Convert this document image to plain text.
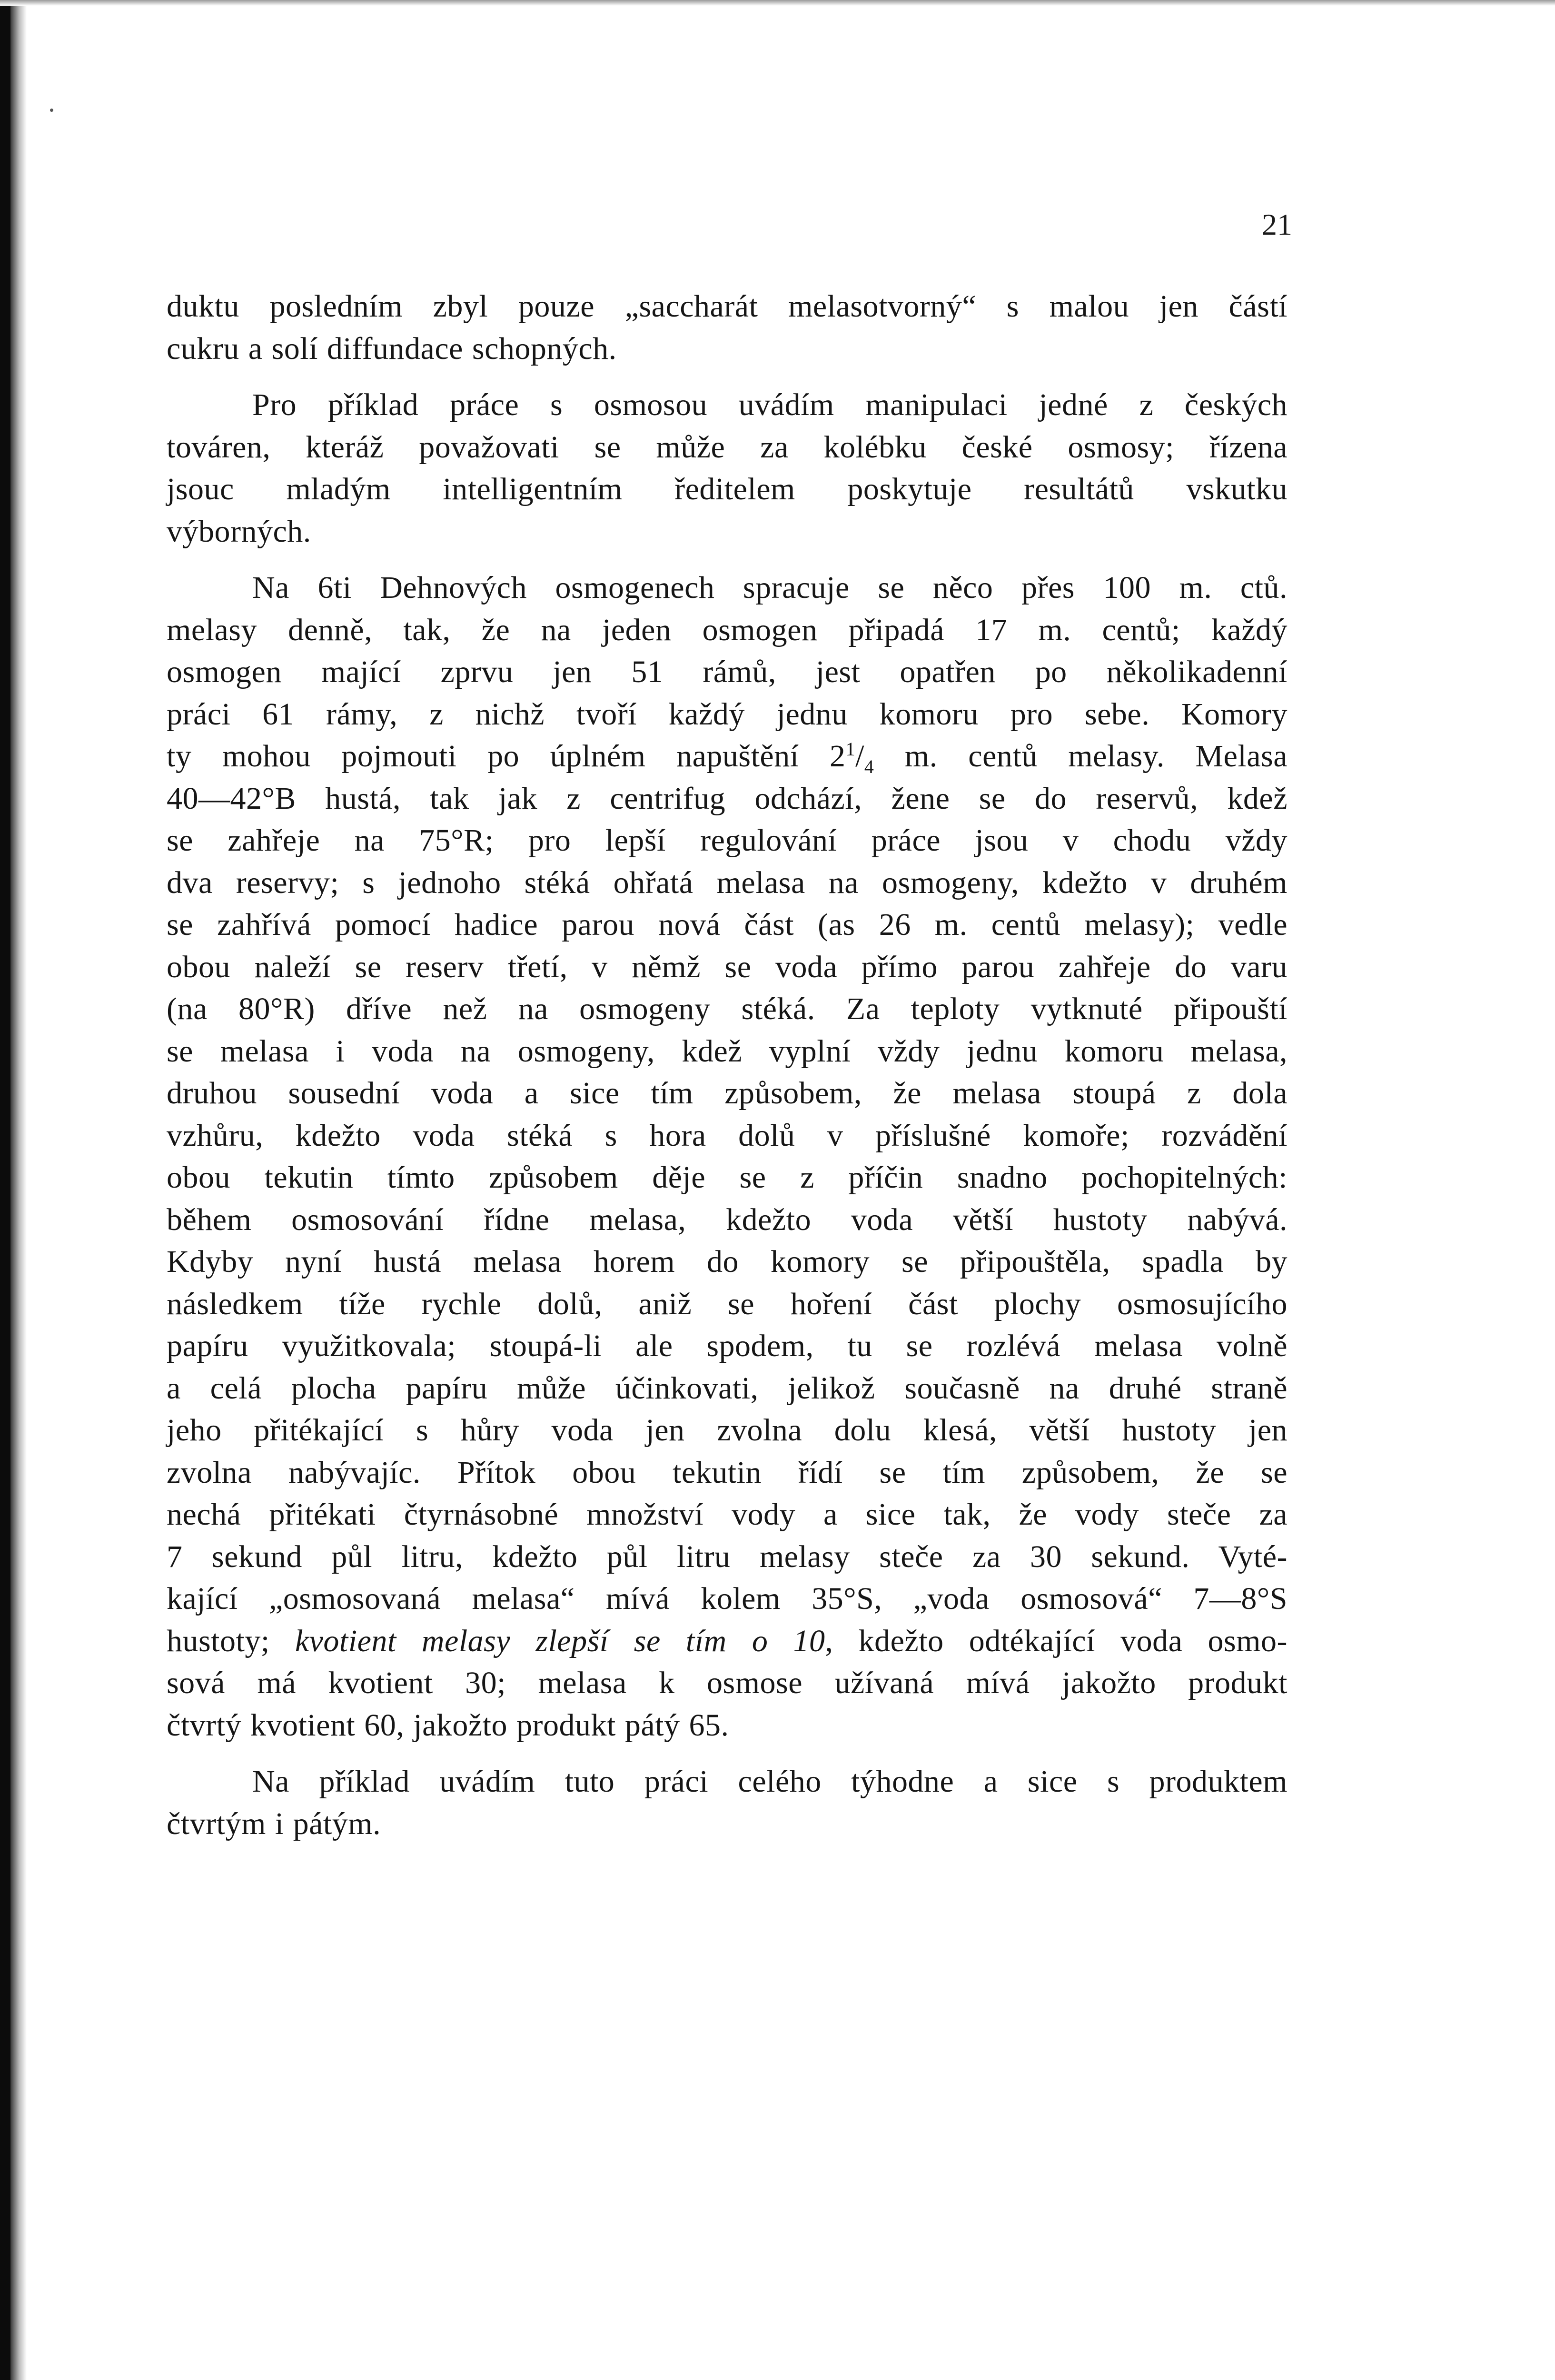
21

duktu posledním zbyl pouze „saccharát melasotvorný“ s malou jen částí
cukru a solí diffundace schopných.

Pro příklad práce s osmosou uvádím manipulaci jedné z českých
továren, kteráž považovati se může za kolébku české osmosy; řízena
jsouc mladým intelligentním ředitelem poskytuje resultátů vskutku
výborných.

Na 6ti Dehnových osmogenech spracuje se něco přes 100 m. ctů.
melasy denně, tak, že na jeden osmogen připadá 17 m. centů; každý
osmogen mající zprvu jen 51 rámů, jest opatřen po několikadenní
práci 61 rámy, z nichž tvoří každý jednu komoru pro sebe. Komory
ty mohou pojmouti po úplném napuštění $2^1/_4$ m. centů melasy. Melasa
40—42°B hustá, tak jak z centrifug odchází, žene se do reservů, kdež
se zahřeje na 75°R; pro lepší regulování práce jsou v chodu vždy
dva reservy; s jednoho stéká ohřatá melasa na osmogeny, kdežto v druhém
se zahřívá pomocí hadice parou nová část (as 26 m. centů melasy); vedle
obou naleží se reserv třetí, v němž se voda přímo parou zahřeje do varu
(na 80°R) dříve než na osmogeny stéká. Za teploty vytknuté připouští
se melasa i voda na osmogeny, kdež vyplní vždy jednu komoru melasa,
druhou sousední voda a sice tím způsobem, že melasa stoupá z dola
vzhůru, kdežto voda stéká s hora dolů v příslušné komoře; rozvádění
obou tekutin tímto způsobem děje se z příčin snadno pochopitelných:
během osmosování řídne melasa, kdežto voda větší hustoty nabývá.
Kdyby nyní hustá melasa horem do komory se připouštěla, spadla by
následkem tíže rychle dolů, aniž se hoření část plochy osmosujícího
papíru využitkovala; stoupá-li ale spodem, tu se rozlévá melasa volně
a celá plocha papíru může účinkovati, jelikož současně na druhé straně
jeho přitékající s hůry voda jen zvolna dolu klesá, větší hustoty jen
zvolna nabývajíc. Přítok obou tekutin řídí se tím způsobem, že se
nechá přitékati čtyrnásobné množství vody a sice tak, že vody steče za
7 sekund půl litru, kdežto půl litru melasy steče za 30 sekund. Vyté-
kající „osmosovaná melasa“ mívá kolem 35°S, „voda osmosová“ 7—8°S
hustoty; kvotient melasy zlepší se tím o 10, kdežto odtékající voda osmo-
sová má kvotient 30; melasa k osmose užívaná mívá jakožto produkt
čtvrtý kvotient 60, jakožto produkt pátý 65.

Na příklad uvádím tuto práci celého týhodne a sice s produktem
čtvrtým i pátým.
